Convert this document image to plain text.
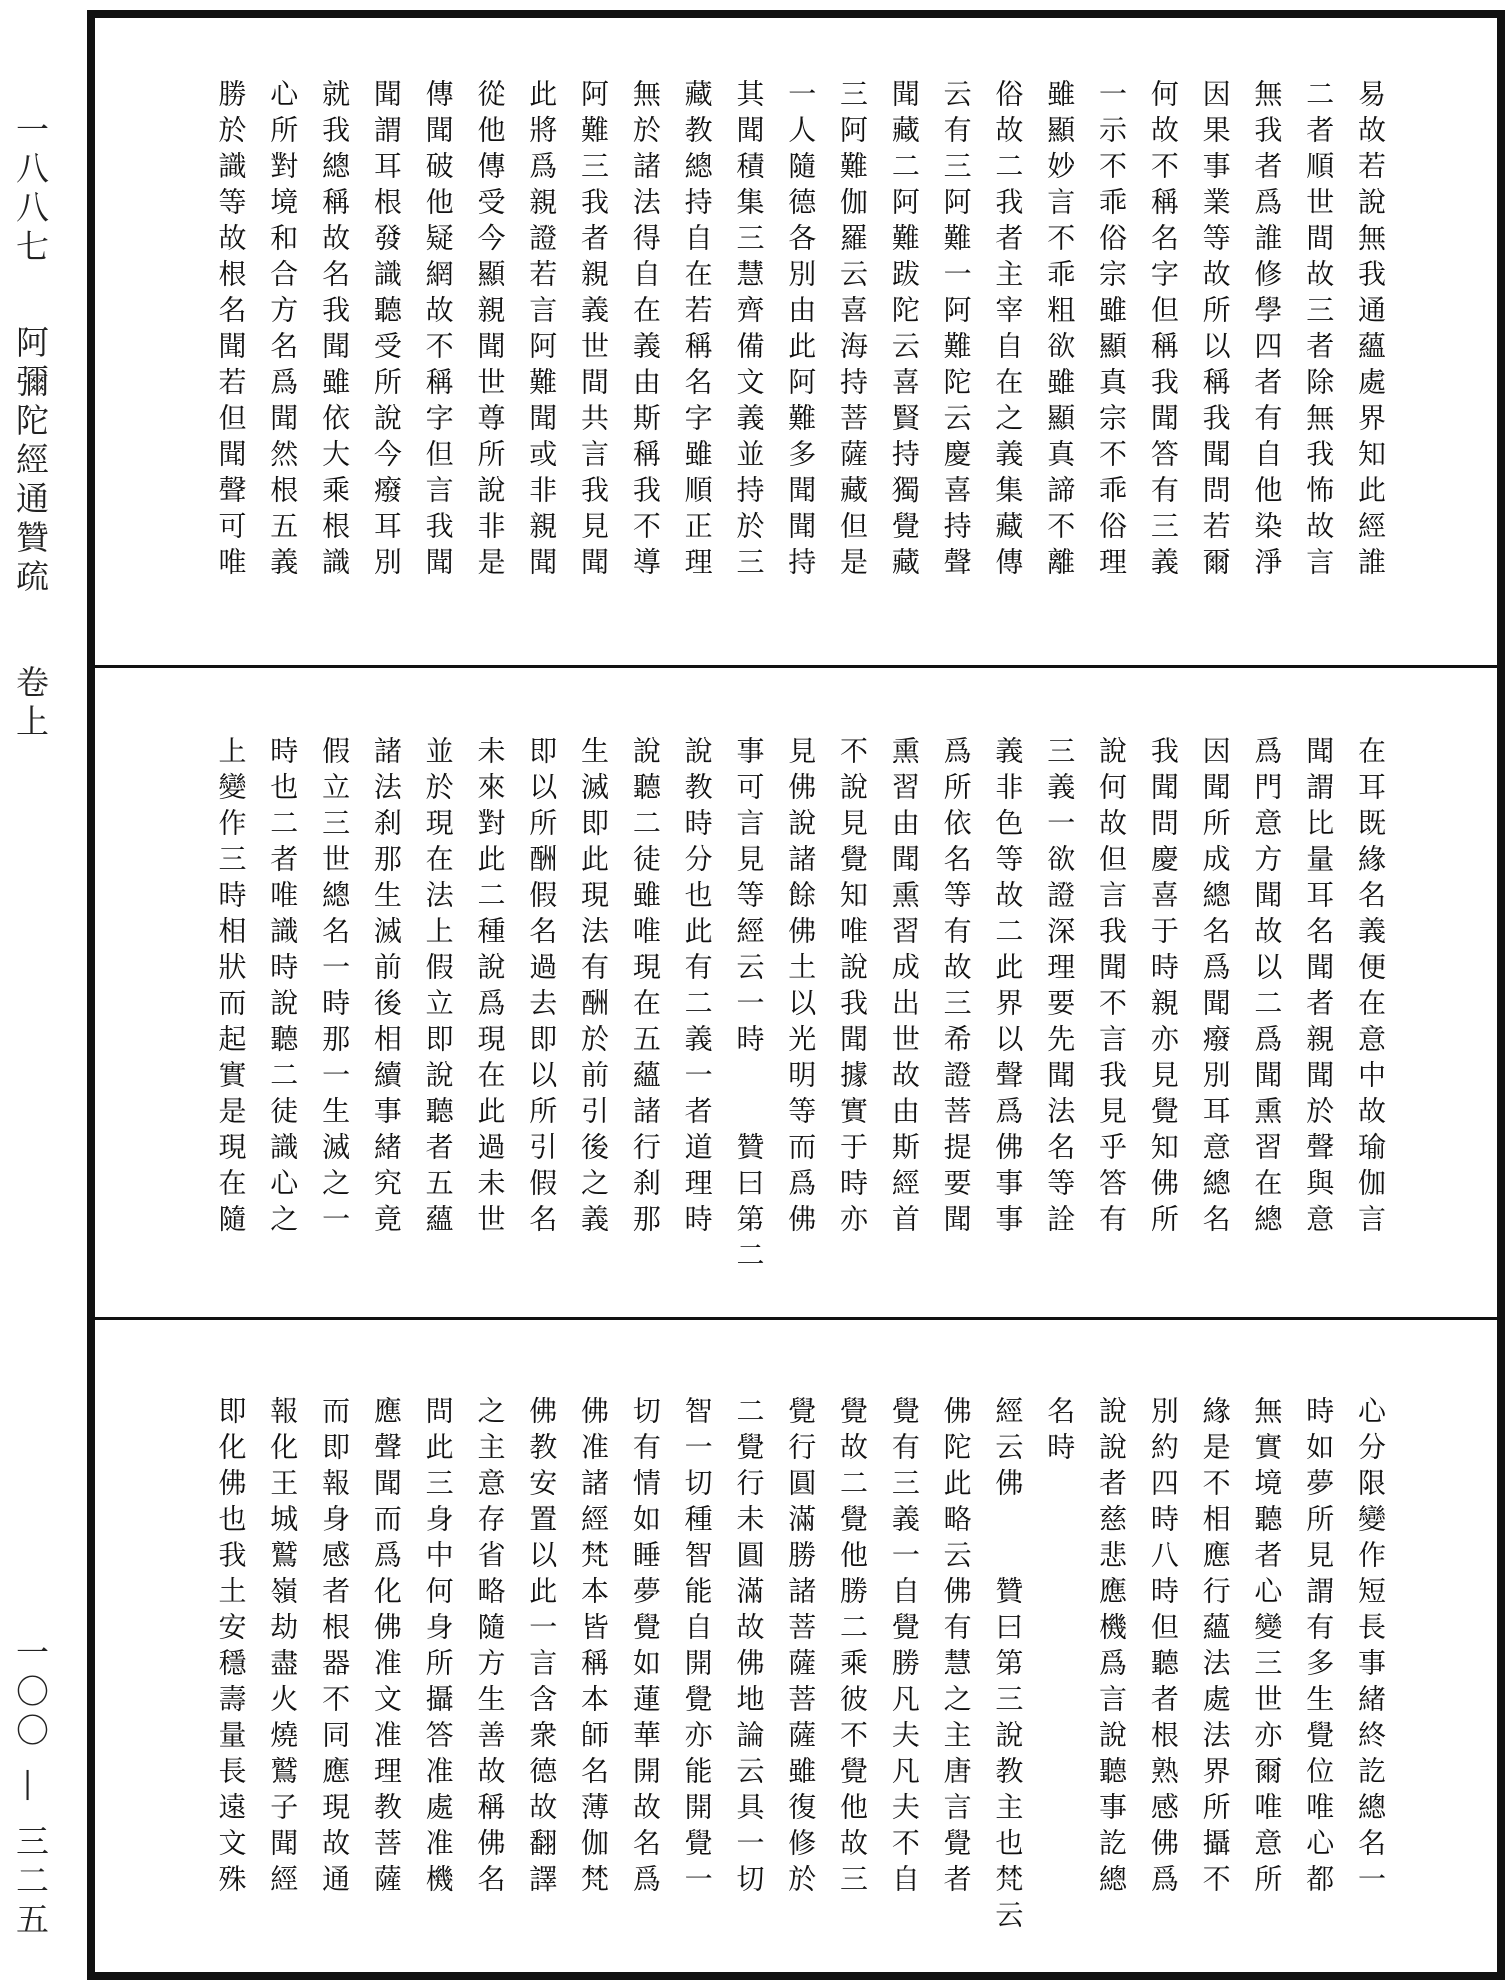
一八八七
阿彌陀經通贊疏
卷上
一〇〇 — 三二五
易故若說無我通蘊處界知此經誰
二者順世間故三者除無我怖故言
無我者爲誰修學四者有自他染淨
因果事業等故所以稱我聞問若爾
何故不稱名字但稱我聞答有三義
一示不乖俗宗雖顯真宗不乖俗理
雖顯妙言不乖粗欲雖顯真諦不離
俗故二我者主宰自在之義集藏傳
云有三阿難一阿難陀云慶喜持聲
聞藏二阿難跋陀云喜賢持獨覺藏
三阿難伽羅云喜海持菩薩藏但是
一人隨德各別由此阿難多聞聞持
其聞積集三慧齊備文義並持於三
藏教總持自在若稱名字雖順正理
無於諸法得自在義由斯稱我不導
阿難三我者親義世間共言我見聞
此將爲親證若言阿難聞或非親聞
從他傳受今顯親聞世尊所說非是
傳聞破他疑網故不稱字但言我聞
聞謂耳根發識聽受所說今癈耳別
就我總稱故名我聞雖依大乘根識
心所對境和合方名爲聞然根五義
勝於識等故根名聞若但聞聲可唯
在耳既緣名義便在意中故瑜伽言
聞謂比量耳名聞者親聞於聲與意
爲門意方聞故以二爲聞熏習在總
因聞所成總名爲聞癈別耳意總名
我聞問慶喜于時親亦見覺知佛所
說何故但言我聞不言我見乎答有
三義一欲證深理要先聞法名等詮
義非色等故二此界以聲爲佛事事
爲所依名等有故三希證菩提要聞
熏習由聞熏習成出世故由斯經首
不說見覺知唯說我聞據實于時亦
見佛說諸餘佛土以光明等而爲佛
事可言見等經云一時　　贊曰第二
說教時分也此有二義一者道理時
說聽二徒雖唯現在五蘊諸行刹那
生滅即此現法有酬於前引後之義
即以所酬假名過去即以所引假名
未來對此二種說爲現在此過未世
並於現在法上假立即說聽者五蘊
諸法刹那生滅前後相續事緒究竟
假立三世總名一時那一生滅之一
時也二者唯識時說聽二徒識心之
上變作三時相狀而起實是現在隨
心分限變作短長事緒終訖總名一
時如夢所見謂有多生覺位唯心都
無實境聽者心變三世亦爾唯意所
緣是不相應行蘊法處法界所攝不
別約四時八時但聽者根熟感佛爲
說說者慈悲應機爲言說聽事訖總
名時
經云佛　　贊曰第三說教主也梵云
佛陀此略云佛有慧之主唐言覺者
覺有三義一自覺勝凡夫凡夫不自
覺故二覺他勝二乘彼不覺他故三
覺行圓滿勝諸菩薩菩薩雖復修於
二覺行未圓滿故佛地論云具一切
智一切種智能自開覺亦能開覺一
切有情如睡夢覺如蓮華開故名爲
佛准諸經梵本皆稱本師名薄伽梵
佛教安置以此一言含衆德故翻譯
之主意存省略隨方生善故稱佛名
問此三身中何身所攝答准處准機
應聲聞而爲化佛准文准理教菩薩
而即報身感者根器不同應現故通
報化王城鷲嶺劫盡火燒鷲子聞經
即化佛也我土安穩壽量長遠文殊
